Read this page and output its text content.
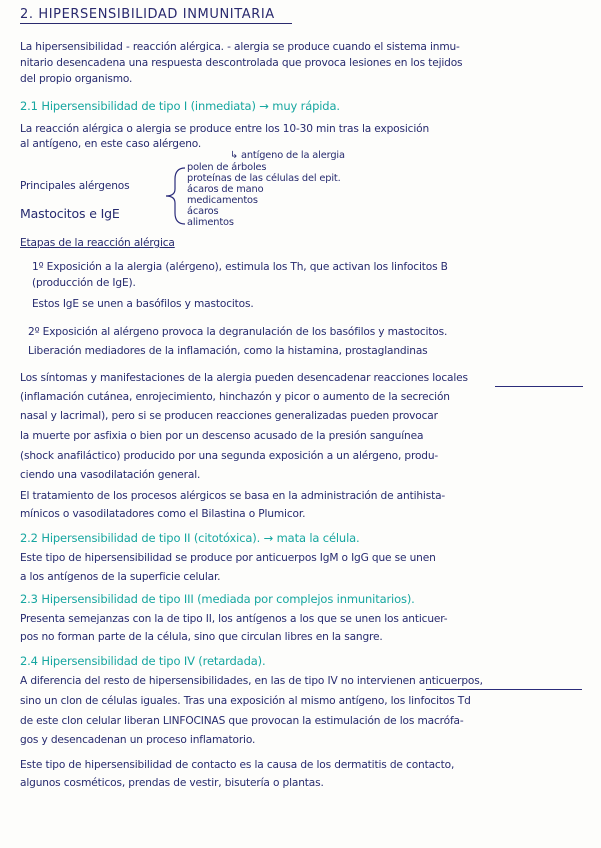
2. HIPERSENSIBILIDAD INMUNITARIA
La hipersensibilidad - reacción alérgica. - alergia se produce cuando el sistema inmu-
nitario desencadena una respuesta descontrolada que provoca lesiones en los tejidos
del propio organismo.
2.1 Hipersensibilidad de tipo I (inmediata) → muy rápida.
La reacción alérgica o alergia se produce entre los 10-30 min tras la exposición
al antígeno, en este caso alérgeno.
↳ antígeno de la alergia
Principales alérgenos
polen de árboles
proteínas de las células del epit.
ácaros de mano
medicamentos
ácaros
alimentos
Mastocitos e IgE
Etapas de la reacción alérgica
1º Exposición a la alergia (alérgeno), estimula los Th, que activan los linfocitos B
(producción de IgE).
Estos IgE se unen a basófilos y mastocitos.
2º Exposición al alérgeno provoca la degranulación de los basófilos y mastocitos.
Liberación mediadores de la inflamación, como la histamina, prostaglandinas
Los síntomas y manifestaciones de la alergia pueden desencadenar reacciones locales
(inflamación cutánea, enrojecimiento, hinchazón y picor o aumento de la secreción
nasal y lacrimal), pero si se producen reacciones generalizadas pueden provocar
la muerte por asfixia o bien por un descenso acusado de la presión sanguínea
(shock anafiláctico) producido por una segunda exposición a un alérgeno, produ-
ciendo una vasodilatación general.
El tratamiento de los procesos alérgicos se basa en la administración de antihista-
mínicos o vasodilatadores como el Bilastina o Plumicor.
2.2 Hipersensibilidad de tipo II (citotóxica). → mata la célula.
Este tipo de hipersensibilidad se produce por anticuerpos IgM o IgG que se unen
a los antígenos de la superficie celular.
2.3 Hipersensibilidad de tipo III (mediada por complejos inmunitarios).
Presenta semejanzas con la de tipo II, los antígenos a los que se unen los anticuer-
pos no forman parte de la célula, sino que circulan libres en la sangre.
2.4 Hipersensibilidad de tipo IV (retardada).
A diferencia del resto de hipersensibilidades, en las de tipo IV no intervienen anticuerpos,
sino un clon de células iguales. Tras una exposición al mismo antígeno, los linfocitos Td
de este clon celular liberan LINFOCINAS que provocan la estimulación de los macrófa-
gos y desencadenan un proceso inflamatorio.
Este tipo de hipersensibilidad de contacto es la causa de los dermatitis de contacto,
algunos cosméticos, prendas de vestir, bisutería o plantas.
